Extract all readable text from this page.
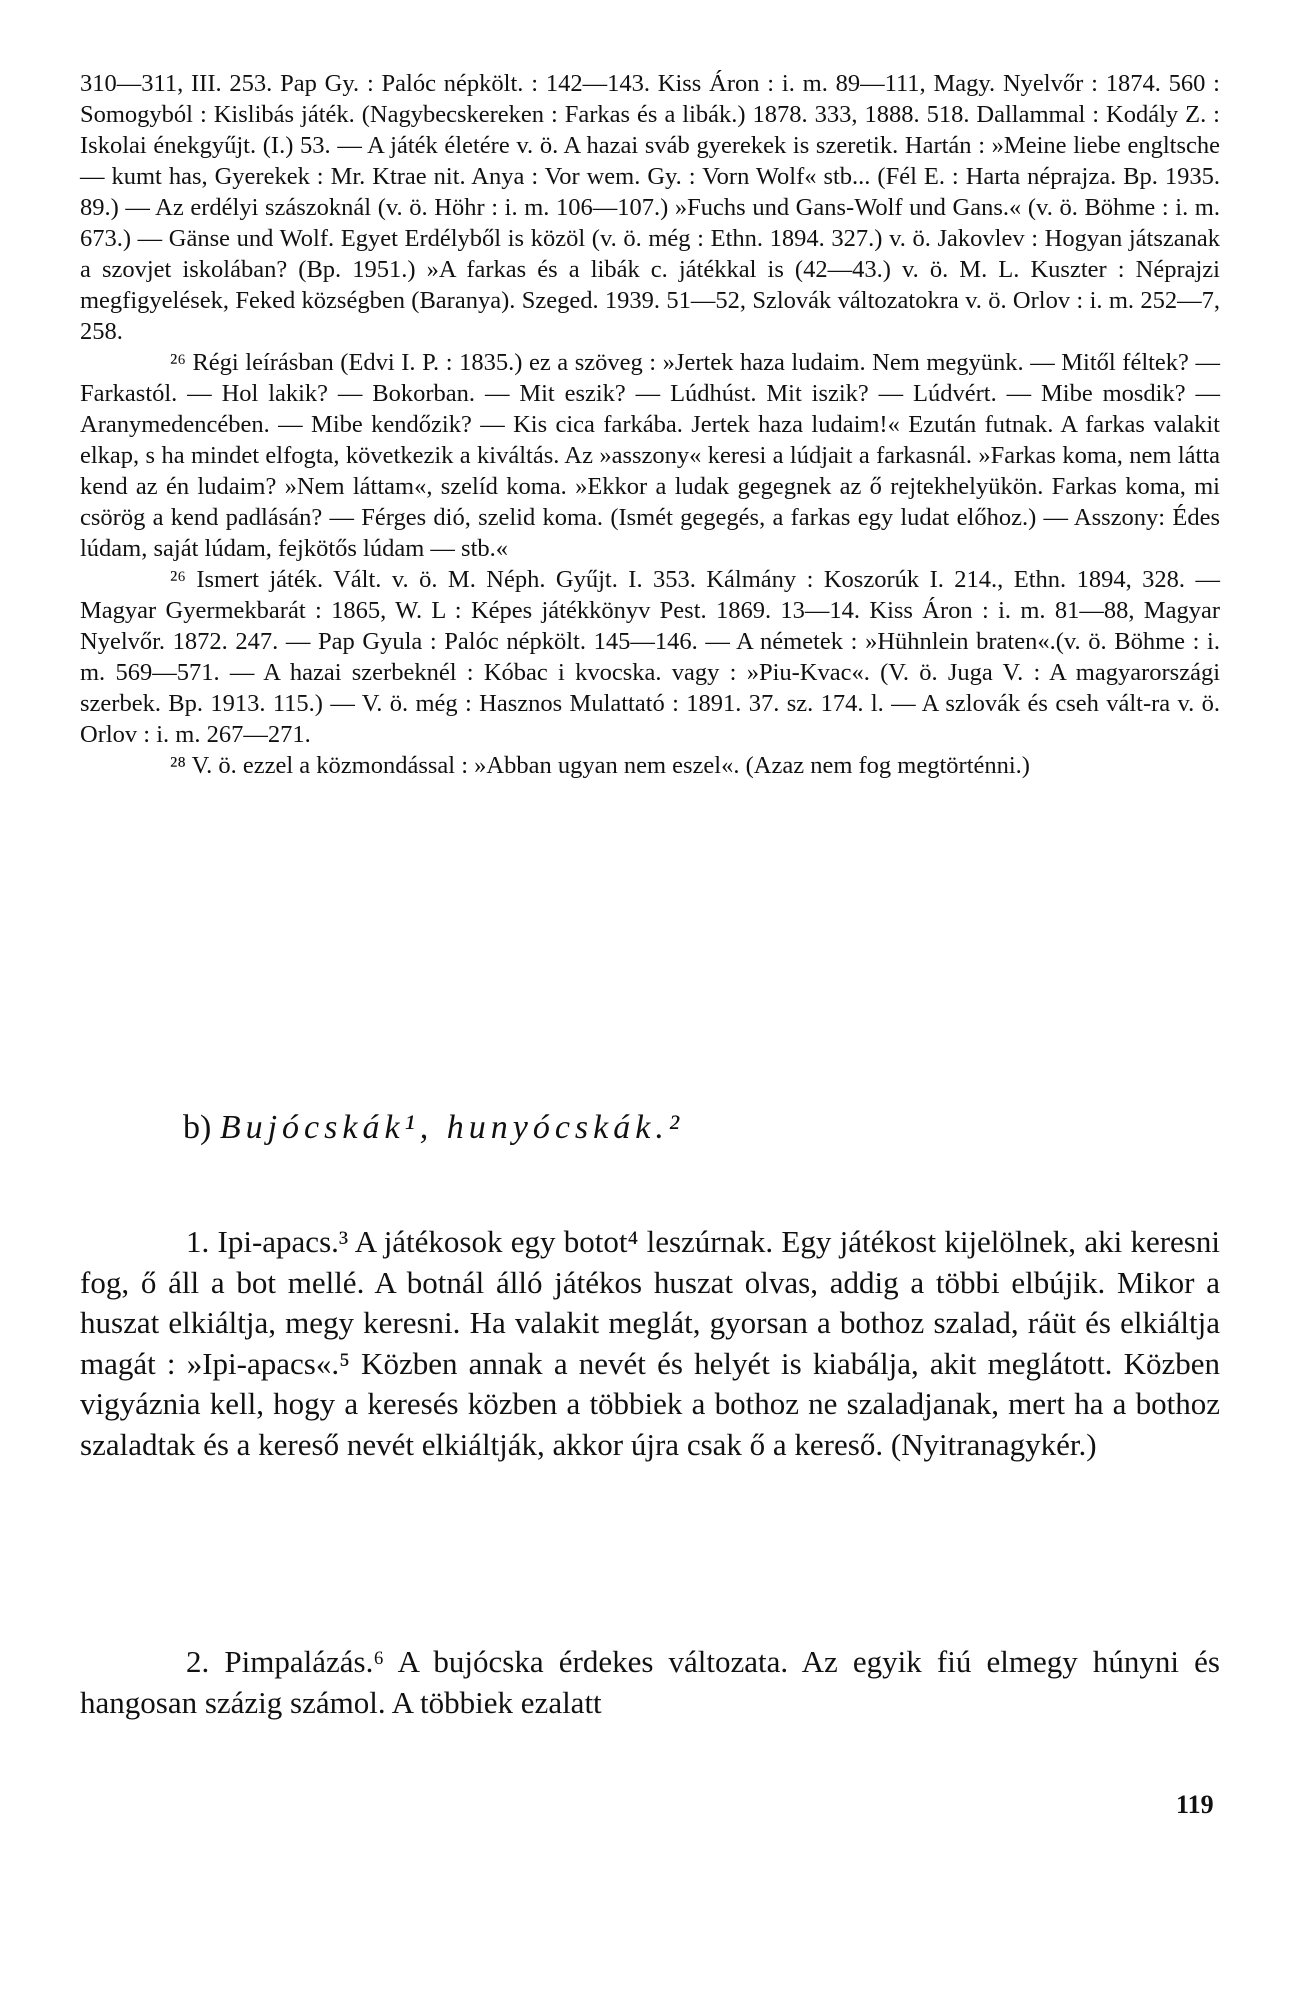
310—311, III. 253. Pap Gy. : Palóc népkölt. : 142—143. Kiss Áron : i. m. 89—111, Magy. Nyelvőr : 1874. 560 : Somogyból : Kislibás játék. (Nagybecskereken : Farkas és a libák.) 1878. 333, 1888. 518. Dallammal : Kodály Z. : Iskolai énekgyűjt. (I.) 53. — A játék életére v. ö. A hazai sváb gyerekek is szeretik. Hartán : »Meine liebe engltsche — kumt has, Gyerekek : Mr. Ktrae nit. Anya : Vor wem. Gy. : Vorn Wolf« stb... (Fél E. : Harta néprajza. Bp. 1935. 89.) — Az erdélyi szászoknál (v. ö. Höhr : i. m. 106—107.) »Fuchs und Gans-Wolf und Gans.« (v. ö. Böhme : i. m. 673.) — Gänse und Wolf. Egyet Erdélyből is közöl (v. ö. még : Ethn. 1894. 327.) v. ö. Jakovlev : Hogyan játszanak a szovjet iskolában? (Bp. 1951.) »A farkas és a libák c. játékkal is (42—43.) v. ö. M. L. Kuszter : Néprajzi megfigyelések, Feked községben (Baranya). Szeged. 1939. 51—52, Szlovák változatokra v. ö. Orlov : i. m. 252—7, 258.

²⁶ Régi leírásban (Edvi I. P. : 1835.) ez a szöveg : »Jertek haza ludaim. Nem megyünk. — Mitől féltek? — Farkastól. — Hol lakik? — Bokorban. — Mit eszik? — Lúdhúst. Mit iszik? — Lúdvért. — Mibe mosdik? — Aranymedencében. — Mibe kendőzik? — Kis cica farkába. Jertek haza ludaim!« Ezután futnak. A farkas valakit elkap, s ha mindet elfogta, következik a kiváltás. Az »asszony« keresi a lúdjait a farkasnál. »Farkas koma, nem látta kend az én ludaim? »Nem láttam«, szelíd koma. »Ekkor a ludak gegegnek az ő rejtekhelyükön. Farkas koma, mi csörög a kend padlásán? — Férges dió, szelid koma. (Ismét gegegés, a farkas egy ludat előhoz.) — Asszony: Édes lúdam, saját lúdam, fejkötős lúdam — stb.«

²⁶ Ismert játék. Vált. v. ö. M. Néph. Gyűjt. I. 353. Kálmány : Koszorúk I. 214., Ethn. 1894, 328. — Magyar Gyermekbarát : 1865, W. L : Képes játékkönyv Pest. 1869. 13—14. Kiss Áron : i. m. 81—88, Magyar Nyelvőr. 1872. 247. — Pap Gyula : Palóc népkölt. 145—146. — A németek : »Hühnlein braten«.(v. ö. Böhme : i. m. 569—571. — A hazai szerbeknél : Kóbac i kvocska. vagy : »Piu-Kvac«. (V. ö. Juga V. : A magyarországi szerbek. Bp. 1913. 115.) — V. ö. még : Hasznos Mulattató : 1891. 37. sz. 174. l. — A szlovák és cseh vált-ra v. ö. Orlov : i. m. 267—271.

²⁸ V. ö. ezzel a közmondással : »Abban ugyan nem eszel«. (Azaz nem fog megtörténni.)

b) Bujócskák¹, hunyócskák.²

1. Ipi-apacs.³ A játékosok egy botot⁴ leszúrnak. Egy játékost kijelölnek, aki keresni fog, ő áll a bot mellé. A botnál álló játékos huszat olvas, addig a többi elbújik. Mikor a huszat elkiáltja, megy keresni. Ha valakit meglát, gyorsan a bothoz szalad, ráüt és elkiáltja magát : »Ipi-apacs«.⁵ Közben annak a nevét és helyét is kiabálja, akit meglátott. Közben vigyáznia kell, hogy a keresés közben a többiek a bothoz ne szaladjanak, mert ha a bothoz szaladtak és a kereső nevét elkiáltják, akkor újra csak ő a kereső. (Nyitranagykér.)

2. Pimpalázás.⁶ A bujócska érdekes változata. Az egyik fiú elmegy húnyni és hangosan százig számol. A többiek ezalatt

119
